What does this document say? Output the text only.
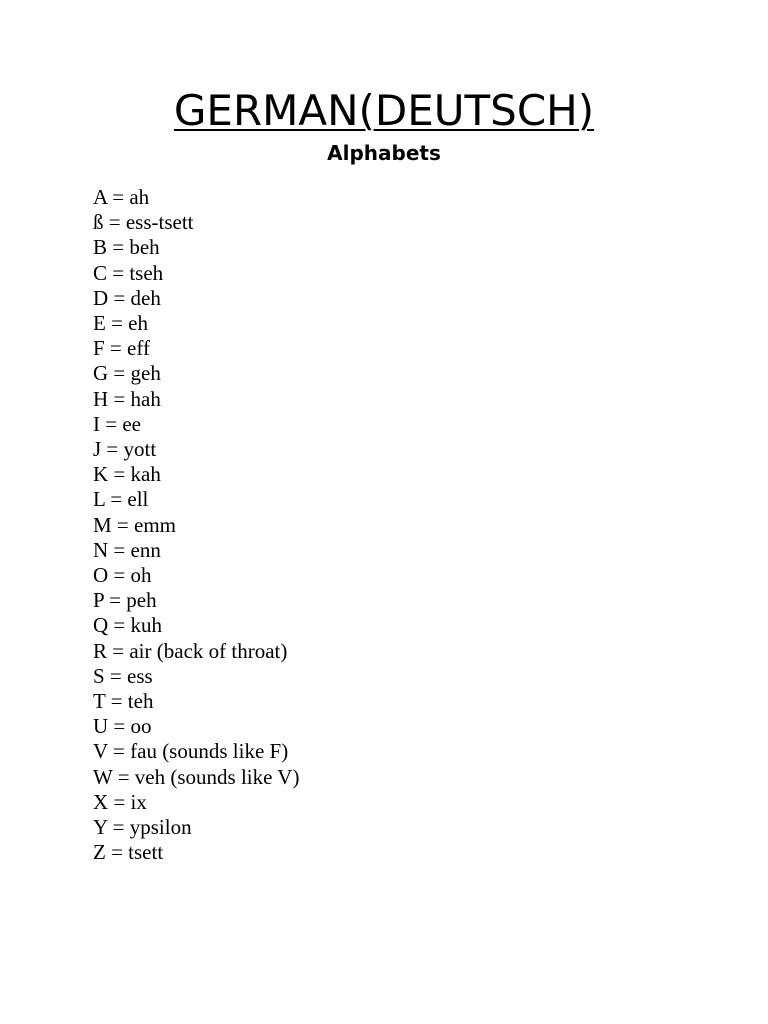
GERMAN(DEUTSCH)
Alphabets
A = ah
ß = ess-tsett
B = beh
C = tseh
D = deh
E = eh
F = eff
G = geh
H = hah
I = ee
J = yott
K = kah
L = ell
M = emm
N = enn
O = oh
P = peh
Q = kuh
R = air (back of throat)
S = ess
T = teh
U = oo
V = fau (sounds like F)
W = veh (sounds like V)
X = ix
Y = ypsilon
Z = tsett
